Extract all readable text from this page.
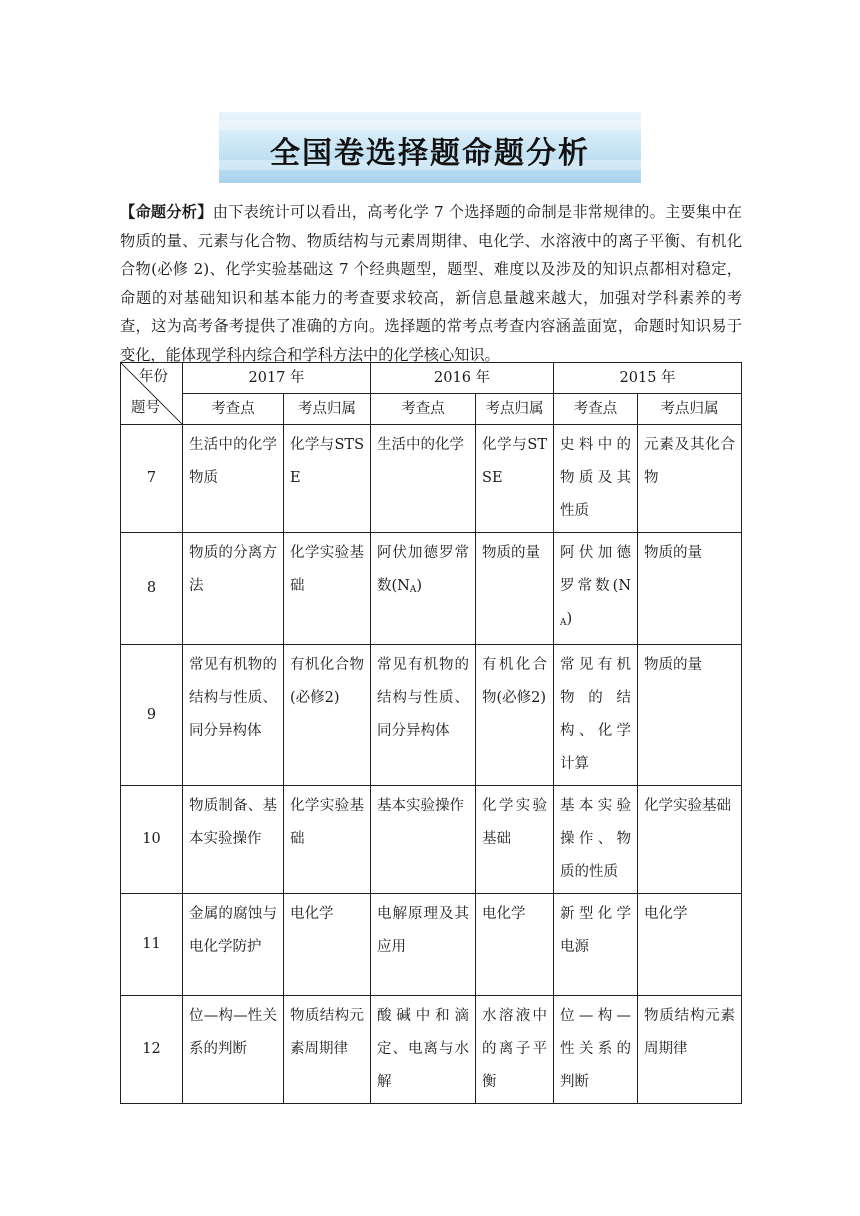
全国卷选择题命题分析
【命题分析】由下表统计可以看出，高考化学 7 个选择题的命制是非常规律的。主要集中在物质的量、元素与化合物、物质结构与元素周期律、电化学、水溶液中的离子平衡、有机化合物(必修 2)、化学实验基础这 7 个经典题型，题型、难度以及涉及的知识点都相对稳定，命题的对基础知识和基本能力的考查要求较高，新信息量越来越大，加强对学科素养的考查，这为高考备考提供了准确的方向。选择题的常考点考查内容涵盖面宽，命题时知识易于变化，能体现学科内综合和学科方法中的化学核心知识。
年份
题号	2017 年		2016 年		2015 年	
	考查点	考点归属	考查点	考点归属	考查点	考点归属
7	生活中的化学物质	化学与STSE	生活中的化学	化学与STSE	史料中的物质及其性质	元素及其化合物
8	物质的分离方法	化学实验基础	阿伏加德罗常数$(N_A)$	物质的量	阿伏加德罗常数$(N_A)$	物质的量
9	常见有机物的结构与性质、同分异构体	有机化合物(必修2)	常见有机物的结构与性质、同分异构体	有机化合物(必修2)	常见有机物的结构、化学计算	物质的量
10	物质制备、基本实验操作	化学实验基础	基本实验操作	化学实验基础	基本实验操作、物质的性质	化学实验基础
11	金属的腐蚀与电化学防护	电化学	电解原理及其应用	电化学	新型化学电源	电化学
12	位—构—性关系的判断	物质结构元素周期律	酸碱中和滴定、电离与水解	水溶液中的离子平衡	位—构—性关系的判断	物质结构元素周期律
